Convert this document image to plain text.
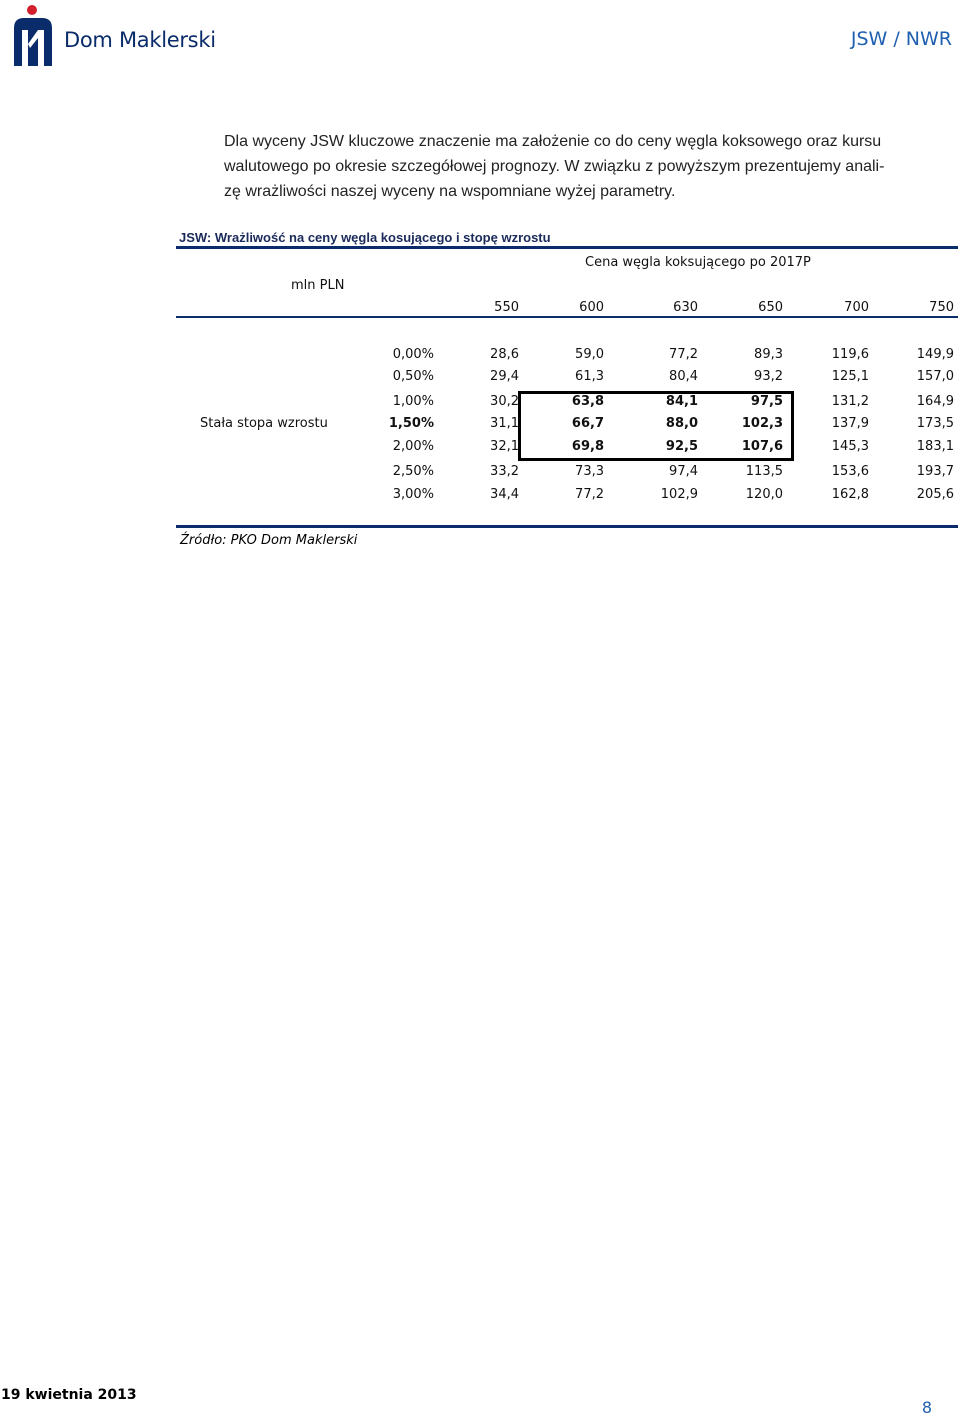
Dom Maklerski	JSW / NWR

Dla wyceny JSW kluczowe znaczenie ma założenie co do ceny węgla koksowego oraz kursu

walutowego po okresie szczegółowej prognozy. W związku z powyższym prezentujemy anali-

zę wrażliwości naszej wyceny na wspomniane wyżej parametry.

JSW: Wrażliwość na ceny węgla kosującego i stopę wzrostu
Cena węgla koksującego po 2017P
mln PLN
550	600	630	650	700	750
Stała stopa wzrostu
0,00%	28,6	59,0	77,2	89,3	119,6	149,9
0,50%	29,4	61,3	80,4	93,2	125,1	157,0
1,00%	30,2	63,8	84,1	97,5	131,2	164,9
1,50%	31,1	66,7	88,0	102,3	137,9	173,5
2,00%	32,1	69,8	92,5	107,6	145,3	183,1
2,50%	33,2	73,3	97,4	113,5	153,6	193,7
3,00%	34,4	77,2	102,9	120,0	162,8	205,6
Źródło: PKO Dom Maklerski
19 kwietnia 2013
8
